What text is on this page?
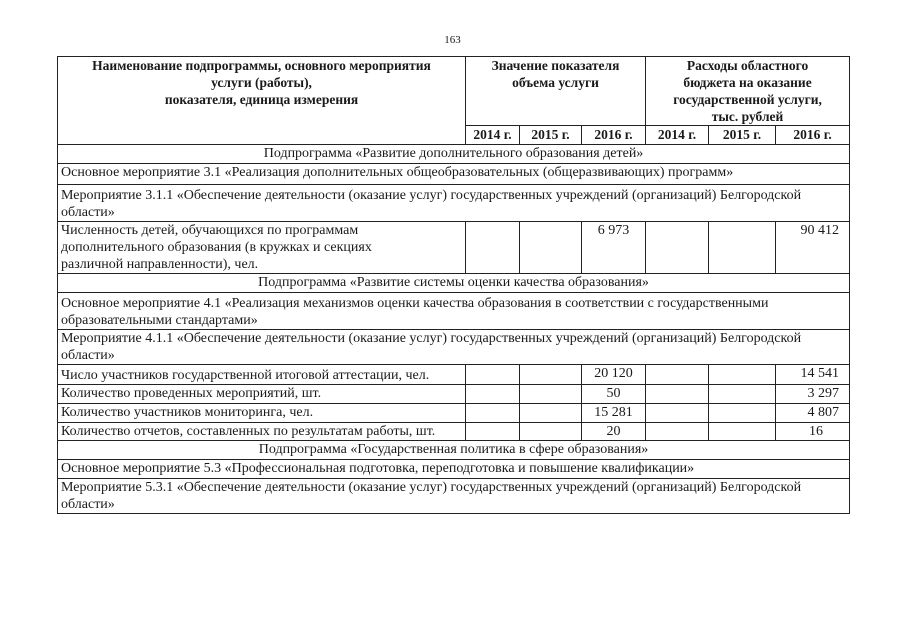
163
Наименование подпрограммы, основного мероприятия
услуги (работы),
показателя, единица измерения	Значение показателя
объема услуги			Расходы областного
бюджета на оказание
государственной услуги,
тыс. рублей		
	2014 г.	2015 г.	2016 г.	2014 г.	2015 г.	2016 г.
Подпрограмма «Развитие дополнительного образования детей»						
Основное мероприятие 3.1 «Реализация дополнительных общеобразовательных (общеразвивающих) программ»						
Мероприятие 3.1.1 «Обеспечение деятельности (оказание услуг) государственных учреждений (организаций) Белгородской области»						
Численность детей, обучающихся по программам дополнительного образования (в кружках и секциях различной направленности), чел.			6 973			90 412
Подпрограмма «Развитие системы оценки качества образования»						
Основное мероприятие 4.1 «Реализация механизмов оценки качества образования в соответствии с государственными образовательными стандартами»						
Мероприятие 4.1.1 «Обеспечение деятельности (оказание услуг) государственных учреждений (организаций) Белгородской области»						
Число участников государственной итоговой аттестации, чел.			20 120			14 541
Количество проведенных мероприятий, шт.			50			3 297
Количество участников мониторинга, чел.			15 281			4 807
Количество отчетов, составленных по результатам работы, шт.			20			16
Подпрограмма «Государственная политика в сфере образования»						
Основное мероприятие 5.3 «Профессиональная подготовка, переподготовка и повышение квалификации»						
Мероприятие 5.3.1 «Обеспечение деятельности (оказание услуг) государственных учреждений (организаций) Белгородской области»						
